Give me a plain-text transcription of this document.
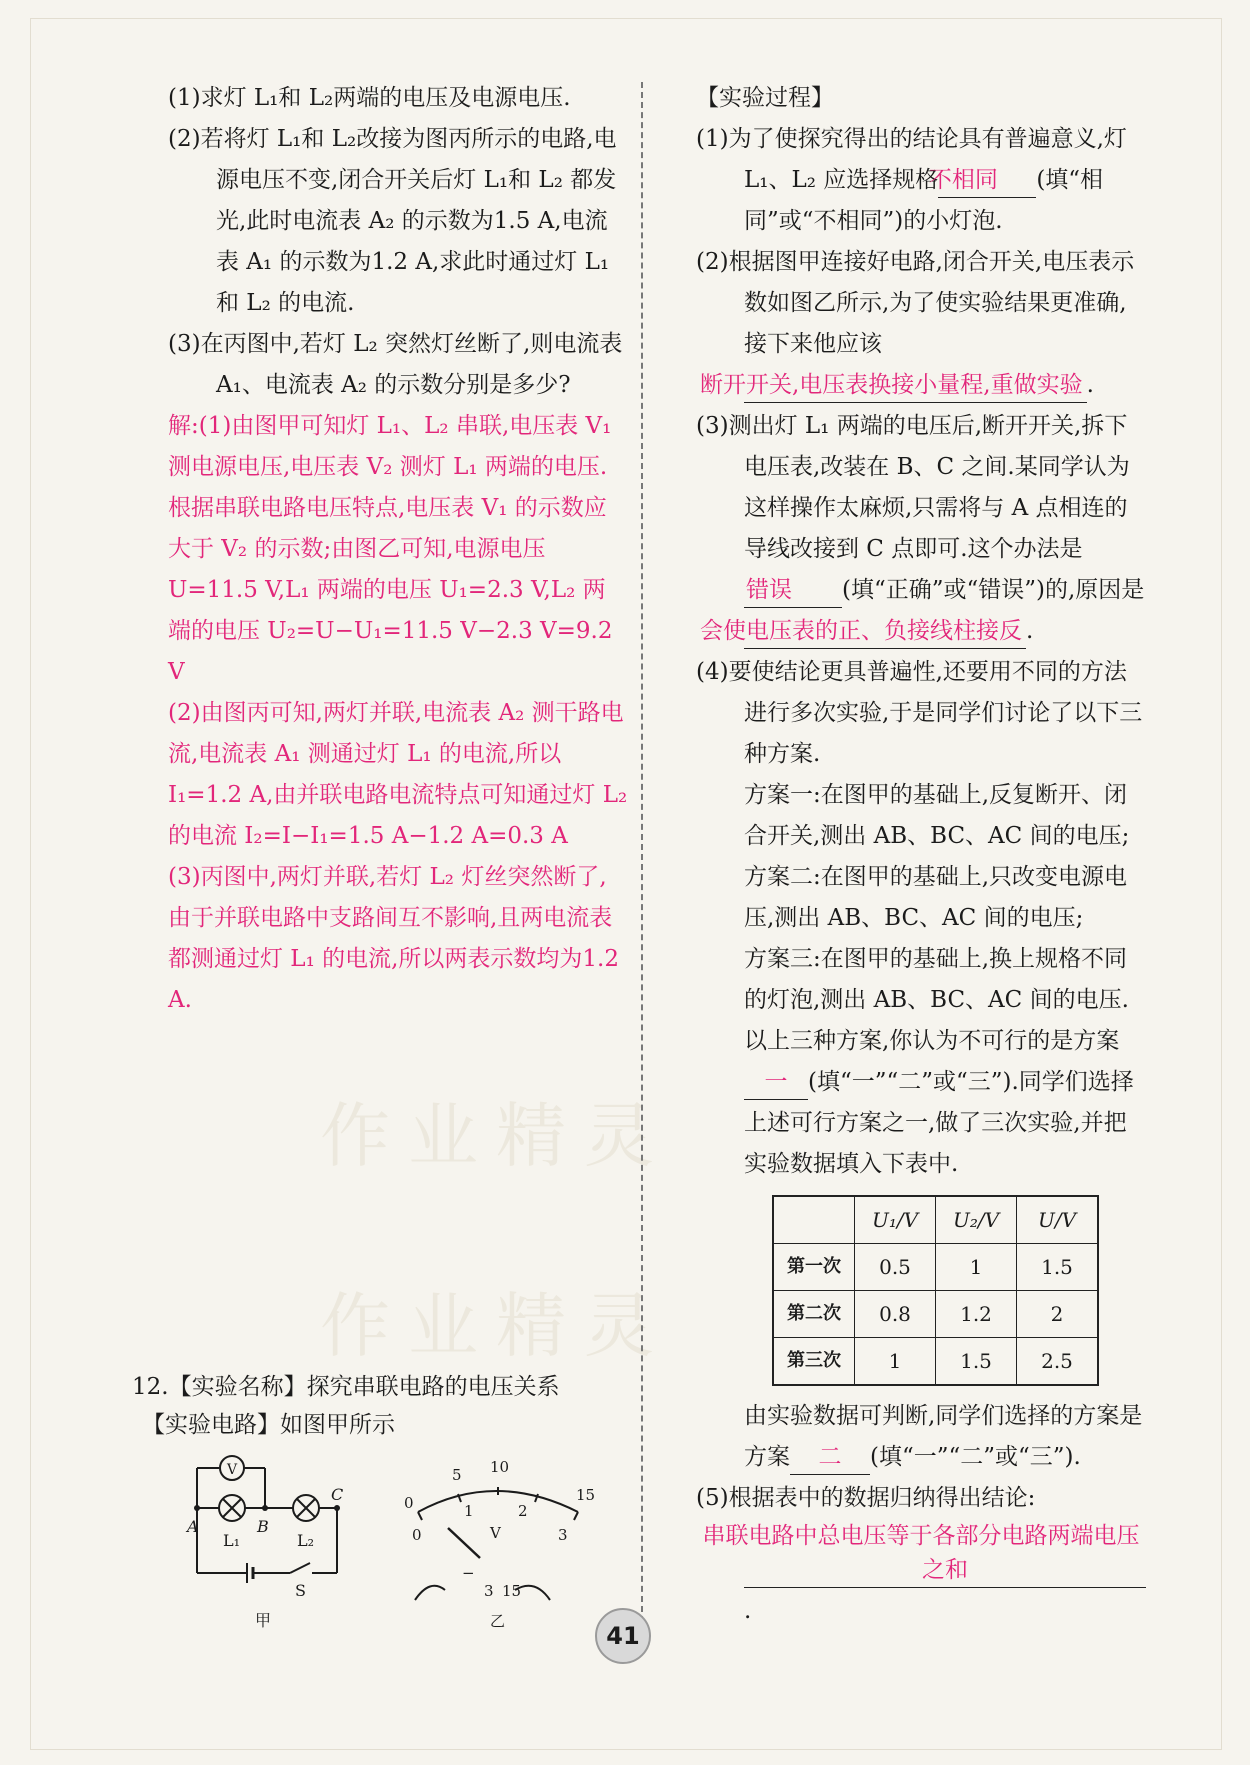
作业精灵
作业精灵

(1)求灯 L₁和 L₂两端的电压及电源电压.

(2)若将灯 L₁和 L₂改接为图丙所示的电路,电源电压不变,闭合开关后灯 L₁和 L₂ 都发光,此时电流表 A₂ 的示数为1.5 A,电流表 A₁ 的示数为1.2 A,求此时通过灯 L₁ 和 L₂ 的电流.

(3)在丙图中,若灯 L₂ 突然灯丝断了,则电流表 A₁、电流表 A₂ 的示数分别是多少?

解:(1)由图甲可知灯 L₁、L₂ 串联,电压表 V₁ 测电源电压,电压表 V₂ 测灯 L₁ 两端的电压.根据串联电路电压特点,电压表 V₁ 的示数应大于 V₂ 的示数;由图乙可知,电源电压 U=11.5 V,L₁ 两端的电压 U₁=2.3 V,L₂ 两端的电压 U₂=U−U₁=11.5 V−2.3 V=9.2 V

(2)由图丙可知,两灯并联,电流表 A₂ 测干路电流,电流表 A₁ 测通过灯 L₁ 的电流,所以 I₁=1.2 A,由并联电路电流特点可知通过灯 L₂ 的电流 I₂=I−I₁=1.5 A−1.2 A=0.3 A

(3)丙图中,两灯并联,若灯 L₂ 灯丝突然断了,由于并联电路中支路间互不影响,且两电流表都测通过灯 L₁ 的电流,所以两表示数均为1.2 A.

12.【实验名称】探究串联电路的电压关系

【实验电路】如图甲所示

V
A	B
C
L₁	L₂
S
甲
0
5 10
15
0
1	2
3
V
−
3 15
乙

【实验过程】

(1)为了使探究得出的结论具有普遍意义,灯 L₁、L₂ 应选择规格不相同 (填“相同”或“不相同”)的小灯泡.

(2)根据图甲连接好电路,闭合开关,电压表示数如图乙所示,为了使实验结果更准确,接下来他应该断开开关,电压表换接小量程,重做实验 .

(3)测出灯 L₁ 两端的电压后,断开开关,拆下电压表,改装在 B、C 之间.某同学认为这样操作太麻烦,只需将与 A 点相连的导线改接到 C 点即可.这个办法是错误 (填“正确”或“错误”)的,原因是会使电压表的正、负接线柱接反 .

(4)要使结论更具普遍性,还要用不同的方法进行多次实验,于是同学们讨论了以下三种方案.

方案一:在图甲的基础上,反复断开、闭合开关,测出 AB、BC、AC 间的电压;

方案二:在图甲的基础上,只改变电源电压,测出 AB、BC、AC 间的电压;

方案三:在图甲的基础上,换上规格不同的灯泡,测出 AB、BC、AC 间的电压.

以上三种方案,你认为不可行的是方案一 (填“一”“二”或“三”).同学们选择上述可行方案之一,做了三次实验,并把实验数据填入下表中.

	U₁/V	U₂/V	U/V
第一次	0.5	1	1.5
第二次	0.8	1.2	2
第三次	1	1.5	2.5

由实验数据可判断,同学们选择的方案是方案 二 (填“一”“二”或“三”).

(5)根据表中的数据归纳得出结论:串联电路中总电压等于各部分电路两端电压之和.

41
